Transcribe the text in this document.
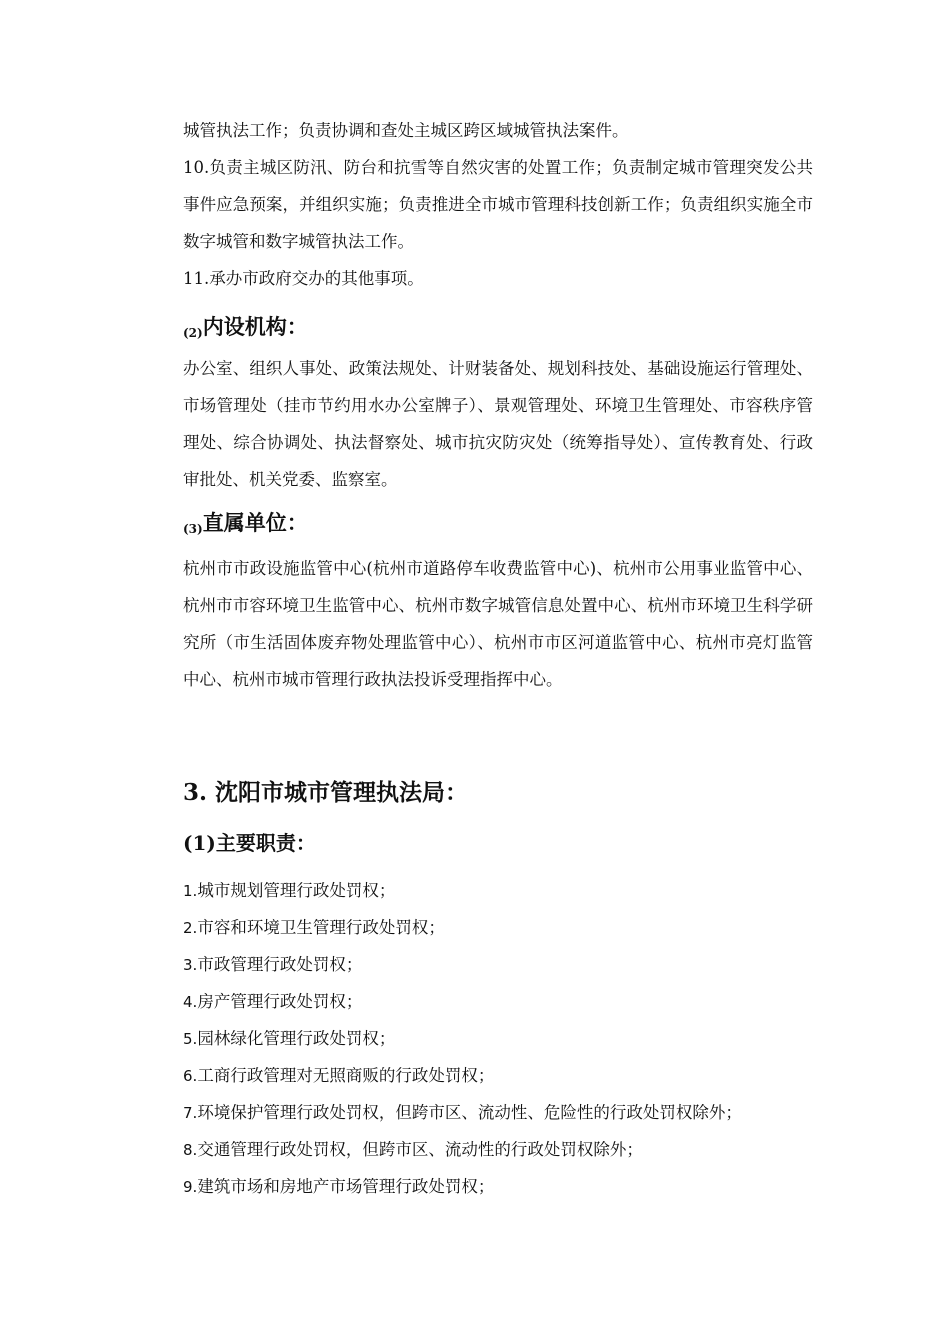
城管执法工作；负责协调和查处主城区跨区域城管执法案件。

10.负责主城区防汛、防台和抗雪等自然灾害的处置工作；负责制定城市管理突发公共事件应急预案，并组织实施；负责推进全市城市管理科技创新工作；负责组织实施全市数字城管和数字城管执法工作。

11.承办市政府交办的其他事项。

(2)内设机构：

办公室、组织人事处、政策法规处、计财装备处、规划科技处、基础设施运行管理处、市场管理处（挂市节约用水办公室牌子）、景观管理处、环境卫生管理处、市容秩序管理处、综合协调处、执法督察处、城市抗灾防灾处（统筹指导处）、宣传教育处、行政审批处、机关党委、监察室。

(3)直属单位：

杭州市市政设施监管中心(杭州市道路停车收费监管中心)、杭州市公用事业监管中心、杭州市市容环境卫生监管中心、杭州市数字城管信息处置中心、杭州市环境卫生科学研究所（市生活固体废弃物处理监管中心）、杭州市市区河道监管中心、杭州市亮灯监管中心、杭州市城市管理行政执法投诉受理指挥中心。

3. 沈阳市城市管理执法局：
(1)主要职责：
1.城市规划管理行政处罚权；
2.市容和环境卫生管理行政处罚权；
3.市政管理行政处罚权；
4.房产管理行政处罚权；
5.园林绿化管理行政处罚权；
6.工商行政管理对无照商贩的行政处罚权；
7.环境保护管理行政处罚权，但跨市区、流动性、危险性的行政处罚权除外；
8.交通管理行政处罚权，但跨市区、流动性的行政处罚权除外；
9.建筑市场和房地产市场管理行政处罚权；
